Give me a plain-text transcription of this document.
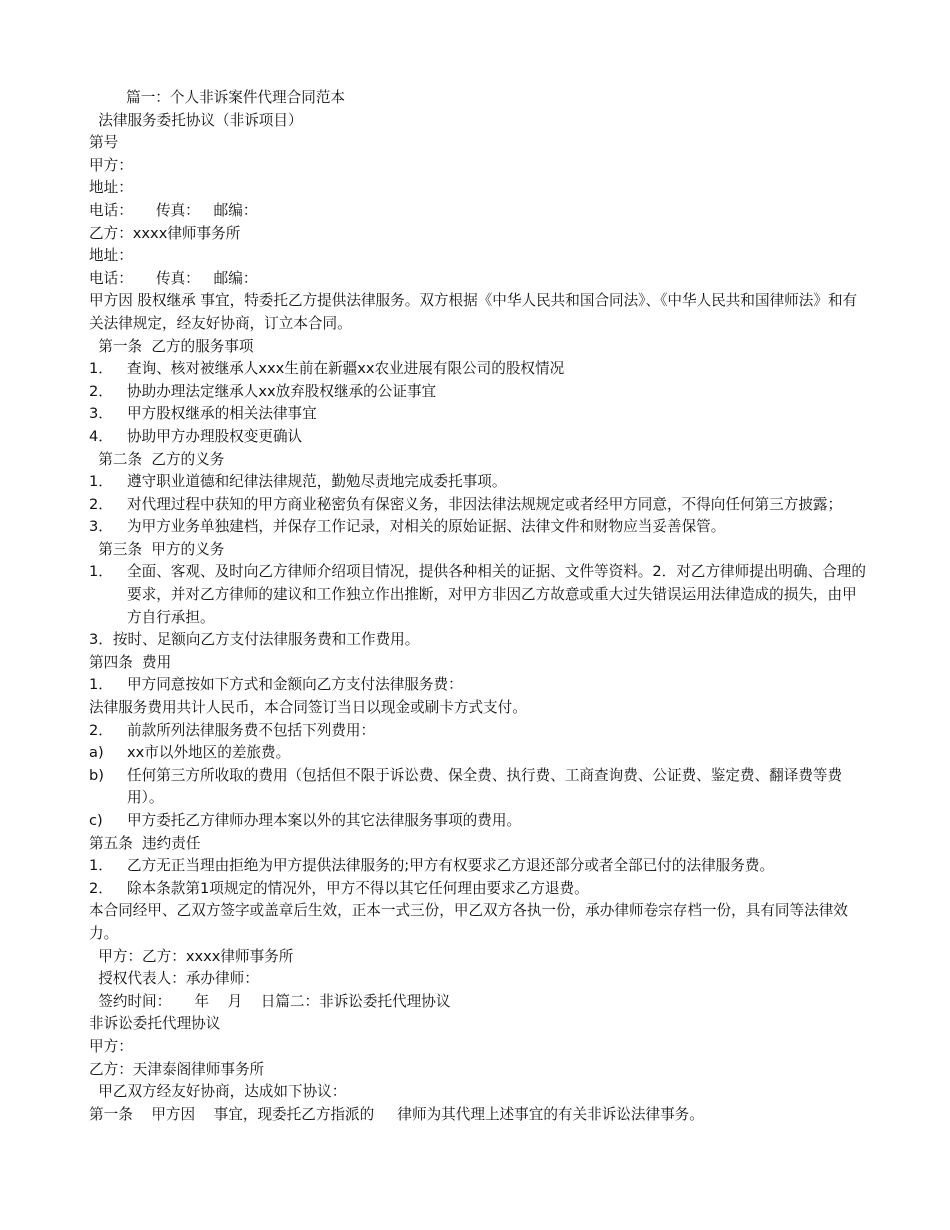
篇一：个人非诉案件代理合同范本
法律服务委托协议（非诉项目）
第号
甲方：
地址：
电话：     传真：   邮编：
乙方：xxxx律师事务所
地址：
电话：     传真：   邮编：
甲方因 股权继承 事宜，特委托乙方提供法律服务。双方根据《中华人民共和国合同法》、《中华人民共和国律师法》和有关法律规定，经友好协商，订立本合同。
第一条  乙方的服务事项
1． 查询、核对被继承人xxx生前在新疆xx农业进展有限公司的股权情况
2． 协助办理法定继承人xx放弃股权继承的公证事宜
3． 甲方股权继承的相关法律事宜
4． 协助甲方办理股权变更确认
第二条  乙方的义务
1． 遵守职业道德和纪律法律规范，勤勉尽责地完成委托事项。
2． 对代理过程中获知的甲方商业秘密负有保密义务，非因法律法规规定或者经甲方同意，不得向任何第三方披露；
3． 为甲方业务单独建档，并保存工作记录，对相关的原始证据、法律文件和财物应当妥善保管。
第三条  甲方的义务
1． 全面、客观、及时向乙方律师介绍项目情况，提供各种相关的证据、文件等资料。2．对乙方律师提出明确、合理的要求，并对乙方律师的建议和工作独立作出推断，对甲方非因乙方故意或重大过失错误运用法律造成的损失，由甲方自行承担。
3．按时、足额向乙方支付法律服务费和工作费用。
第四条  费用
1． 甲方同意按如下方式和金额向乙方支付法律服务费：
法律服务费用共计人民币，本合同签订当日以现金或刷卡方式支付。
2． 前款所列法律服务费不包括下列费用：
a)	xx市以外地区的差旅费。
b)	任何第三方所收取的费用（包括但不限于诉讼费、保全费、执行费、工商查询费、公证费、鉴定费、翻译费等费用）。
c)	甲方委托乙方律师办理本案以外的其它法律服务事项的费用。
第五条  违约责任
1． 乙方无正当理由拒绝为甲方提供法律服务的;甲方有权要求乙方退还部分或者全部已付的法律服务费。
2． 除本条款第1项规定的情况外，甲方不得以其它任何理由要求乙方退费。
本合同经甲、乙双方签字或盖章后生效，正本一式三份，甲乙双方各执一份，承办律师卷宗存档一份，具有同等法律效力。
甲方：乙方：xxxx律师事务所
授权代表人：承办律师：
签约时间：     年    月    日篇二：非诉讼委托代理协议
非诉讼委托代理协议
甲方：
乙方：天津泰阁律师事务所
甲乙双方经友好协商，达成如下协议：
第一条    甲方因    事宜，现委托乙方指派的     律师为其代理上述事宜的有关非诉讼法律事务。
